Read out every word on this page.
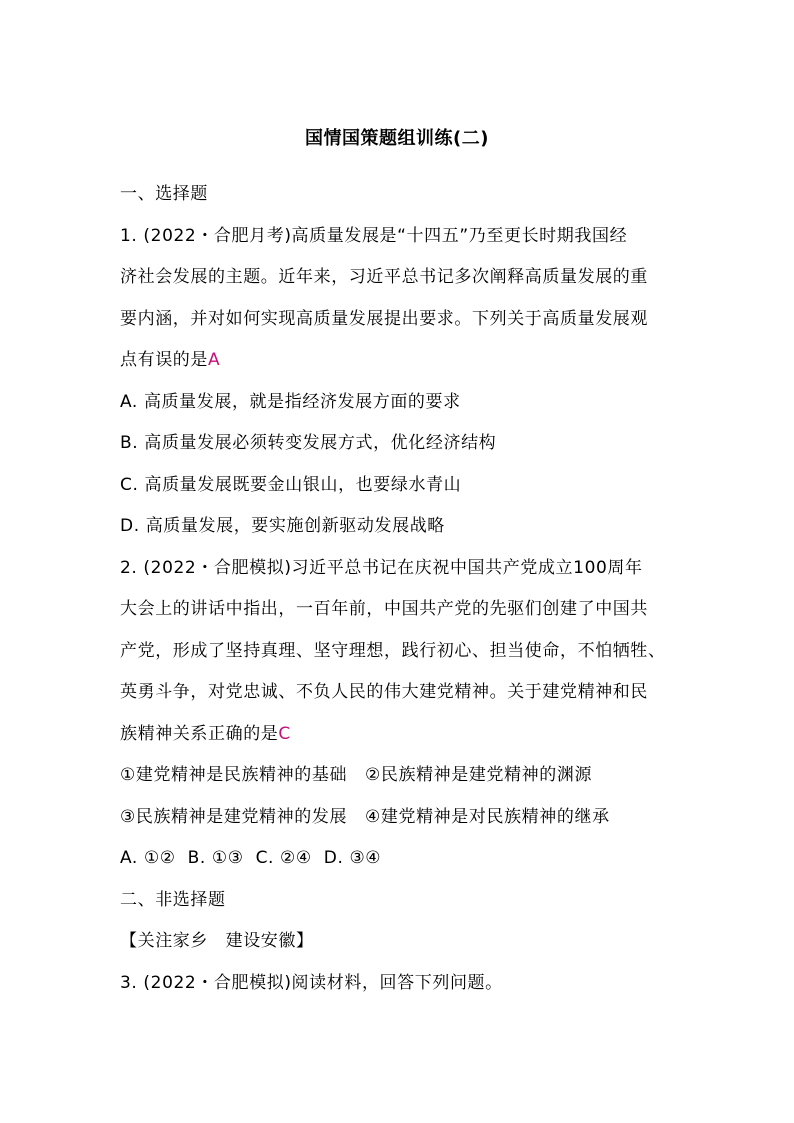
国情国策题组训练(二)
一、选择题
1. (2022・合肥月考)高质量发展是“十四五”乃至更长时期我国经
济社会发展的主题。近年来，习近平总书记多次阐释高质量发展的重
要内涵，并对如何实现高质量发展提出要求。下列关于高质量发展观
点有误的是A
A. 高质量发展，就是指经济发展方面的要求
B. 高质量发展必须转变发展方式，优化经济结构
C. 高质量发展既要金山银山，也要绿水青山
D. 高质量发展，要实施创新驱动发展战略
2. (2022・合肥模拟)习近平总书记在庆祝中国共产党成立100周年
大会上的讲话中指出，一百年前，中国共产党的先驱们创建了中国共
产党，形成了坚持真理、坚守理想，践行初心、担当使命，不怕牺牲、
英勇斗争，对党忠诚、不负人民的伟大建党精神。关于建党精神和民
族精神关系正确的是C
①建党精神是民族精神的基础 ②民族精神是建党精神的渊源
③民族精神是建党精神的发展 ④建党精神是对民族精神的继承
A. ①② B. ①③ C. ②④ D. ③④
二、非选择题
【关注家乡　建设安徽】
3. (2022・合肥模拟)阅读材料，回答下列问题。
